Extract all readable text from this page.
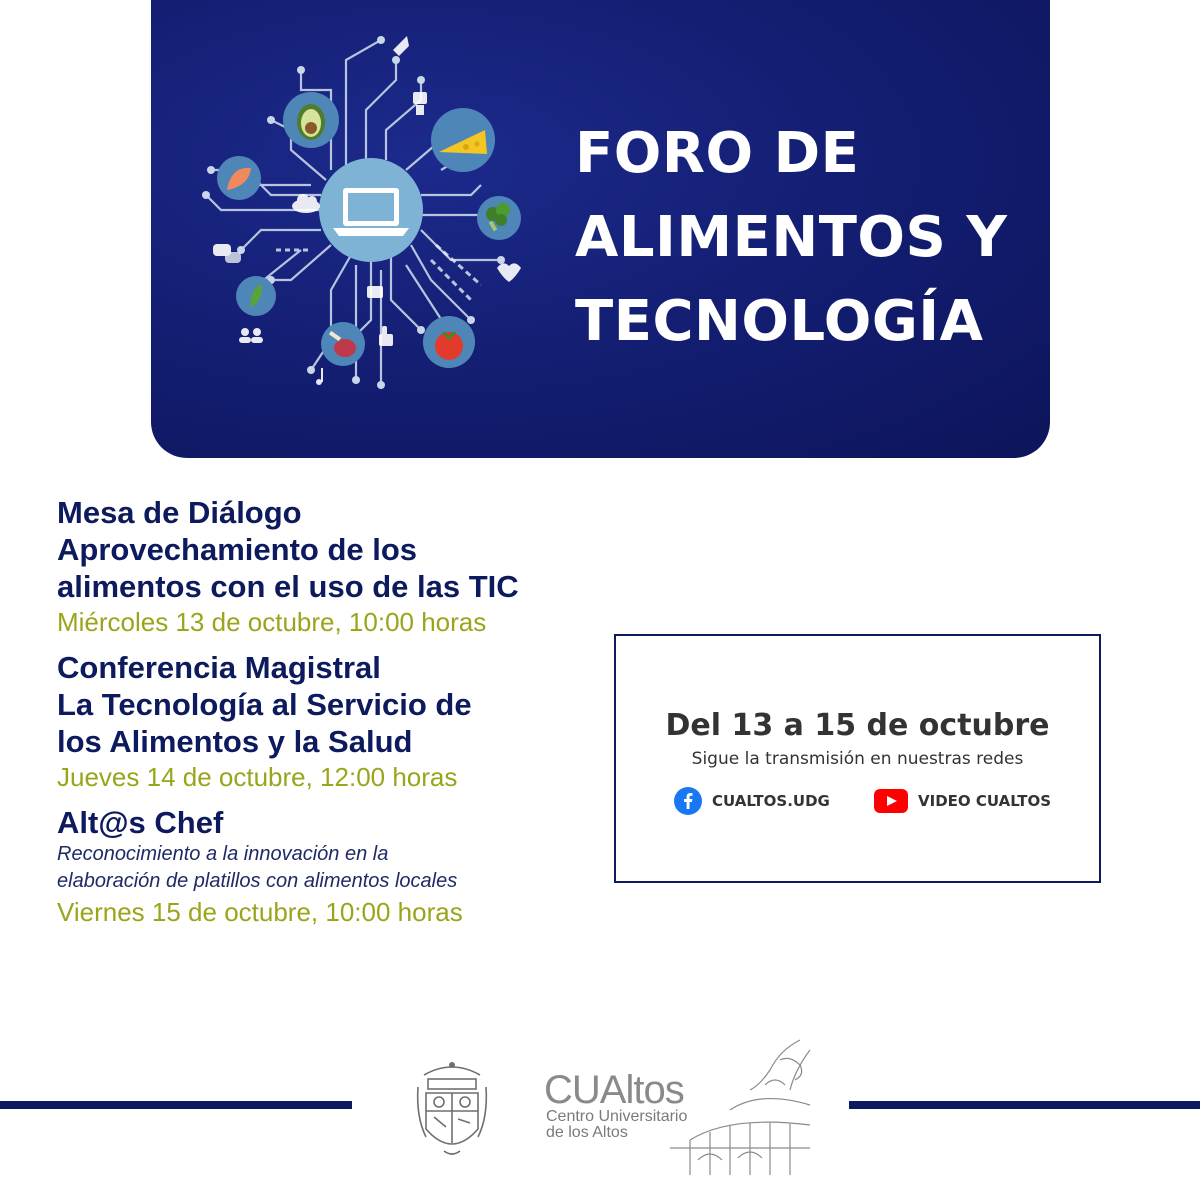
FORO DE
ALIMENTOS Y
TECNOLOGÍA
Mesa de Diálogo
Aprovechamiento de los
alimentos con el uso de las TIC
Miércoles 13 de octubre, 10:00 horas
Conferencia Magistral
La Tecnología al Servicio de
los Alimentos y la Salud
Jueves 14 de octubre, 12:00 horas
Alt@s Chef
Reconocimiento a la innovación en la
elaboración de platillos con alimentos locales
Viernes 15 de octubre, 10:00 horas
Del 13 a 15 de octubre
Sigue la transmisión en nuestras redes
CUALTOS.UDG	VIDEO CUALTOS
CUAltos
Centro Universitario
de los Altos
